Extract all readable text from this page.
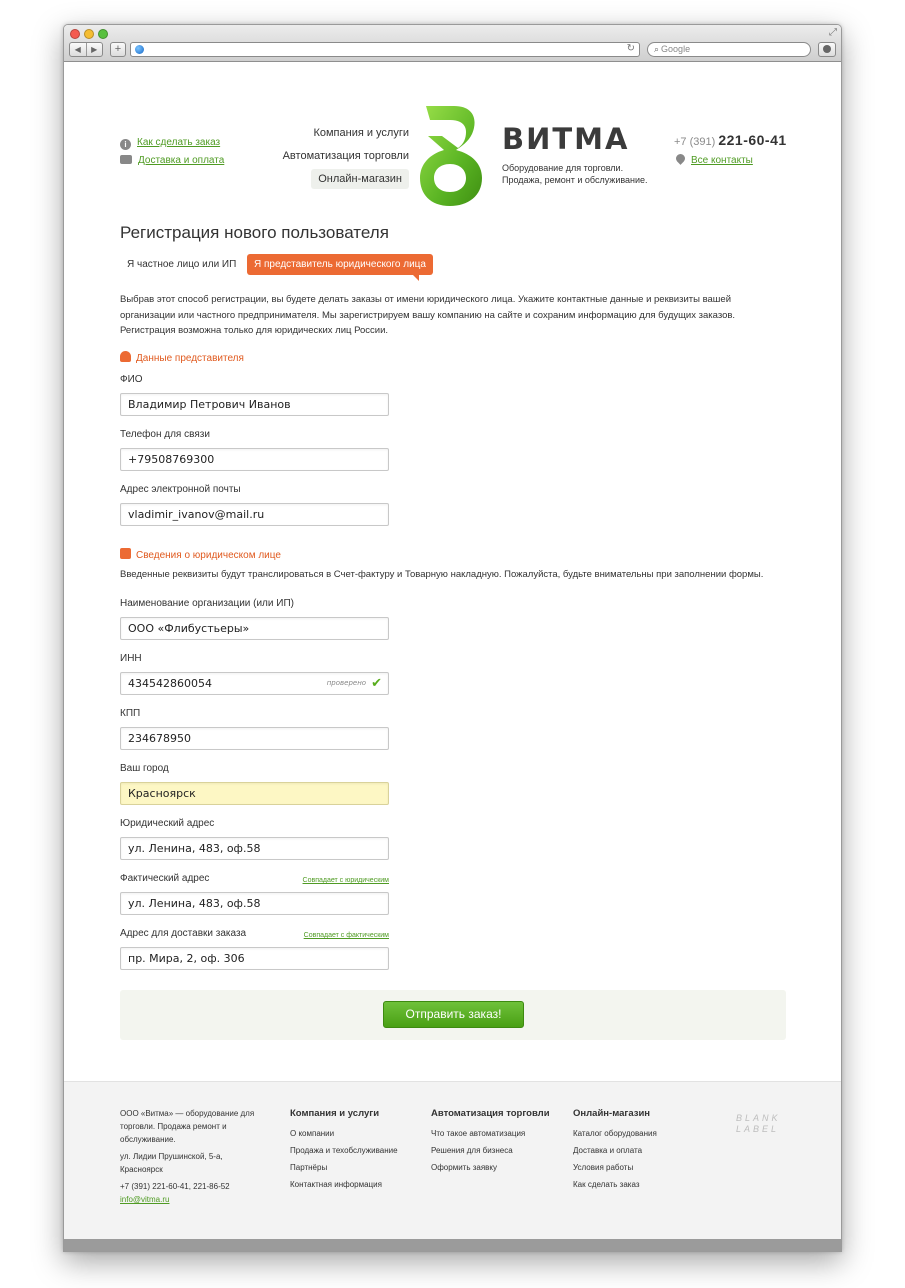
⤢
◀	▶	+	↻	⌕ Google
i Как сделать заказ
Доставка и оплата
Компания и услуги
Автоматизация торговли
Онлайн-магазин
ВИТМА
Оборудование для торговли. Продажа, ремонт и обслуживание.
+7 (391) 221-60-41
Все контакты
Регистрация нового пользователя
Я частное лицо или ИП	Я представитель юридического лица
Выбрав этот способ регистрации, вы будете делать заказы от имени юридического лица. Укажите контактные данные и реквизиты вашей организации или частного предпринимателя. Мы зарегистрируем вашу компанию на сайте и сохраним информацию для будущих заказов. Регистрация возможна только для юридических лиц России.
Данные представителя
ФИО
Владимир Петрович Иванов
Телефон для связи
+79508769300
Адрес электронной почты
vladimir_ivanov@mail.ru
Сведения о юридическом лице
Введенные реквизиты будут транслироваться в Счет-фактуру и Товарную накладную. Пожалуйста, будьте внимательны при заполнении формы.
Наименование организации (или ИП)
ООО «Флибустьеры»
ИНН
434542860054	проверено ✔
КПП
234678950
Ваш город
Красноярск
Юридический адрес
ул. Ленина, 483, оф.58
Фактический адрес	Совпадает с юридическим
ул. Ленина, 483, оф.58
Адрес для доставки заказа	Совпадает с фактическим
пр. Мира, 2, оф. 306
Отправить заказ!

ООО «Витма» — оборудование для торговли. Продажа ремонт и обслуживание.

ул. Лидии Прушинской, 5-а, Красноярск

+7 (391) 221-60-41, 221-86-52
info@vitma.ru
Компания и услуги
О компании
Продажа и техобслуживание
Партнёры
Контактная информация
Автоматизация торговли
Что такое автоматизация
Решения для бизнеса
Оформить заявку
Онлайн-магазин
Каталог оборудования
Доставка и оплата
Условия работы
Как сделать заказ
BLANK LABEL
